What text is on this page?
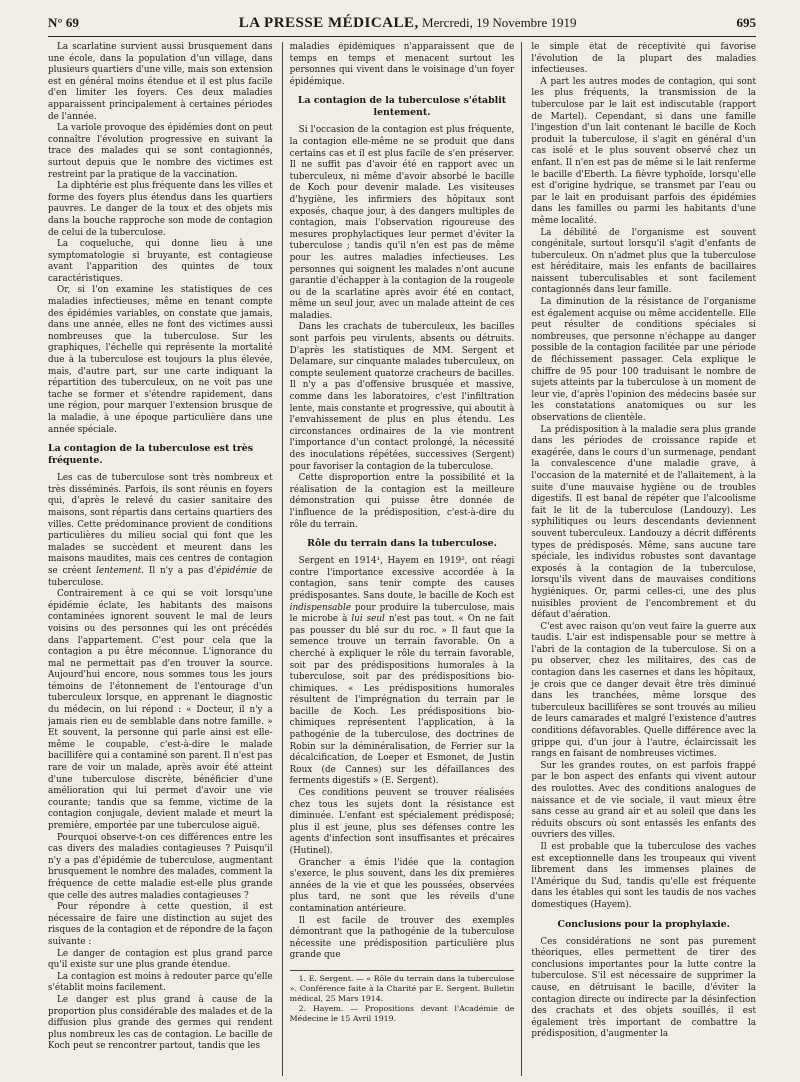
N° 69	LA PRESSE MÉDICALE, Mercredi, 19 Novembre 1919	695

La scarlatine survient aussi brusquement dans une école, dans la population d'un village, dans plusieurs quartiers d'une ville, mais son extension est en général moins étendue et il est plus facile d'en limiter les foyers. Ces deux maladies apparaissent principalement à certaines périodes de l'année.

La variole provoque des épidémies dont on peut connaître l'évolution progressive en suivant la trace des malades qui se sont contagionnés, surtout depuis que le nombre des victimes est restreint par la pratique de la vaccination.

La diphtérie est plus fréquente dans les villes et forme des foyers plus étendus dans les quartiers pauvres. Le danger de la toux et des objets mis dans la bouche rapproche son mode de contagion de celui de la tuberculose.

La coqueluche, qui donne lieu à une symptomatologie si bruyante, est contagieuse avant l'apparition des quintes de toux caractéristiques.

Or, si l'on examine les statistiques de ces maladies infectieuses, même en tenant compte des épidémies variables, on constate que jamais, dans une année, elles ne font des victimes aussi nombreuses que la tuberculose. Sur les graphiques, l'échelle qui représente la mortalité due à la tuberculose est toujours la plus élevée, mais, d'autre part, sur une carte indiquant la répartition des tuberculeux, on ne voit pas une tache se former et s'étendre rapidement, dans une région, pour marquer l'extension brusque de la maladie, à une époque particulière dans une année spéciale.

La contagion de la tuberculose est très fréquente.

Les cas de tuberculose sont très nombreux et très disséminés. Parfois, ils sont réunis en foyers qui, d'après le relevé du casier sanitaire des maisons, sont répartis dans certains quartiers des villes. Cette prédominance provient de conditions particulières du milieu social qui font que les malades se succèdent et meurent dans les maisons maudites, mais ces centres de contagion se créent lentement. Il n'y a pas d'épidémie de tuberculose.

Contrairement à ce qui se voit lorsqu'une épidémie éclate, les habitants des maisons contaminées ignorent souvent le mal de leurs voisins ou des personnes qui les ont précédés dans l'appartement. C'est pour cela que la contagion a pu être méconnue. L'ignorance du mal ne permettait pas d'en trouver la source. Aujourd'hui encore, nous sommes tous les jours témoins de l'étonnement de l'entourage d'un tuberculeux lorsque, en apprenant le diagnostic du médecin, on lui répond : « Docteur, il n'y a jamais rien eu de semblable dans notre famille. » Et souvent, la personne qui parle ainsi est elle-même le coupable, c'est-à-dire le malade bacillifère qui a contaminé son parent. Il n'est pas rare de voir un malade, après avoir été atteint d'une tuberculose discrète, bénéficier d'une amélioration qui lui permet d'avoir une vie courante; tandis que sa femme, victime de la contagion conjugale, devient malade et meurt la première, emportée par une tuberculose aiguë.

Pourquoi observe-t-on ces différences entre les cas divers des maladies contagieuses ? Puisqu'il n'y a pas d'épidémie de tuberculose, augmentant brusquement le nombre des malades, comment la fréquence de cette maladie est-elle plus grande que celle des autres maladies contagieuses ?

Pour répondre à cette question, il est nécessaire de faire une distinction au sujet des risques de la contagion et de répondre de la façon suivante :

Le danger de contagion est plus grand parce qu'il existe sur une plus grande étendue.

La contagion est moins à redouter parce qu'elle s'établit moins facilement.

Le danger est plus grand à cause de la proportion plus considérable des malades et de la diffusion plus grande des germes qui rendent plus nombreux les cas de contagion. Le bacille de Koch peut se rencontrer partout, tandis que les

maladies épidémiques n'apparaissent que de temps en temps et menacent surtout les personnes qui vivent dans le voisinage d'un foyer épidémique.

La contagion de la tuberculose s'établit lentement.

Si l'occasion de la contagion est plus fréquente, la contagion elle-même ne se produit que dans certains cas et il est plus facile de s'en préserver. Il ne suffit pas d'avoir été en rapport avec un tuberculeux, ni même d'avoir absorbé le bacille de Koch pour devenir malade. Les visiteuses d'hygiène, les infirmiers des hôpitaux sont exposés, chaque jour, à des dangers multiples de contagion, mais l'observation rigoureuse des mesures prophylactiques leur permet d'éviter la tuberculose ; tandis qu'il n'en est pas de même pour les autres maladies infectieuses. Les personnes qui soignent les malades n'ont aucune garantie d'échapper à la contagion de la rougeole ou de la scarlatine après avoir été en contact, même un seul jour, avec un malade atteint de ces maladies.

Dans les crachats de tuberculeux, les bacilles sont parfois peu virulents, absents ou détruits. D'après les statistiques de MM. Sergent et Delamare, sur cinquante malades tuberculeux, on compte seulement quatorze cracheurs de bacilles. Il n'y a pas d'offensive brusquée et massive, comme dans les laboratoires, c'est l'infiltration lente, mais constante et progressive, qui aboutit à l'envahissement de plus en plus étendu. Les circonstances ordinaires de la vie montrent l'importance d'un contact prolongé, la nécessité des inoculations répétées, successives (Sergent) pour favoriser la contagion de la tuberculose.

Cette disproportion entre la possibilité et la réalisation de la contagion est la meilleure démonstration qui puisse être donnée de l'influence de la prédisposition, c'est-à-dire du rôle du terrain.

Rôle du terrain dans la tuberculose.

Sergent en 1914¹, Hayem en 1919², ont réagi contre l'importance excessive accordée à la contagion, sans tenir compte des causes prédisposantes. Sans doute, le bacille de Koch est indispensable pour produire la tuberculose, mais le microbe à lui seul n'est pas tout. « On ne fait pas pousser du blé sur du roc. » Il faut que la semence trouve un terrain favorable. On a cherché à expliquer le rôle du terrain favorable, soit par des prédispositions humorales à la tuberculose, soit par des prédispositions bio-chimiques. « Les prédispositions humorales résultent de l'imprégnation du terrain par le bacille de Koch. Les prédispositions bio-chimiques représentent l'application, à la pathogénie de la tuberculose, des doctrines de Robin sur la déminéralisation, de Ferrier sur la décalcification, de Loeper et Esmonet, de Justin Roux (de Cannes) sur les défaillances des ferments digestifs » (E. Sergent).

Ces conditions peuvent se trouver réalisées chez tous les sujets dont la résistance est diminuée. L'enfant est spécialement prédisposé; plus il est jeune, plus ses défenses contre les agents d'infection sont insuffisantes et précaires (Hutinel).

Grancher a émis l'idée que la contagion s'exerce, le plus souvent, dans les dix premières années de la vie et que les poussées, observées plus tard, ne sont que les réveils d'une contamination antérieure.

Il est facile de trouver des exemples démontrant que la pathogénie de la tuberculose nécessite une prédisposition particulière plus grande que

1. E. Sergent. — « Rôle du terrain dans la tuberculose ». Conférence faite à la Charité par E. Sergent. Bulletin médical, 25 Mars 1914.

2. Hayem. — Propositions devant l'Académie de Médecine le 15 Avril 1919.

le simple état de réceptivité qui favorise l'évolution de la plupart des maladies infectieuses.

A part les autres modes de contagion, qui sont les plus fréquents, la transmission de la tuberculose par le lait est indiscutable (rapport de Martel). Cependant, si dans une famille l'ingestion d'un lait contenant le bacille de Koch produit la tuberculose, il s'agit en général d'un cas isolé et le plus souvent observé chez un enfant. Il n'en est pas de même si le lait renferme le bacille d'Eberth. La fièvre typhoïde, lorsqu'elle est d'origine hydrique, se transmet par l'eau ou par le lait en produisant parfois des épidémies dans les familles ou parmi les habitants d'une même localité.

La débilité de l'organisme est souvent congénitale, surtout lorsqu'il s'agit d'enfants de tuberculeux. On n'admet plus que la tuberculose est héréditaire, mais les enfants de bacillaires naissent tuberculisables et sont facilement contagionnés dans leur famille.

La diminution de la résistance de l'organisme est également acquise ou même accidentelle. Elle peut résulter de conditions spéciales si nombreuses, que personne n'échappe au danger possible de la contagion facilitée par une période de fléchissement passager. Cela explique le chiffre de 95 pour 100 traduisant le nombre de sujets atteints par la tuberculose à un moment de leur vie, d'après l'opinion des médecins basée sur les constatations anatomiques ou sur les observations de clientèle.

La prédisposition à la maladie sera plus grande dans les périodes de croissance rapide et exagérée, dans le cours d'un surmenage, pendant la convalescence d'une maladie grave, à l'occasion de la maternité et de l'allaitement, à la suite d'une mauvaise hygiène ou de troubles digestifs. Il est banal de répéter que l'alcoolisme fait le lit de la tuberculose (Landouzy). Les syphilitiques ou leurs descendants deviennent souvent tuberculeux. Landouzy a décrit différents types de prédisposés. Même, sans aucune tare spéciale, les individus robustes sont davantage exposés à la contagion de la tuberculose, lorsqu'ils vivent dans de mauvaises conditions hygiéniques. Or, parmi celles-ci, une des plus nuisibles provient de l'encombrement et du défaut d'aération.

C'est avec raison qu'on veut faire la guerre aux taudis. L'air est indispensable pour se mettre à l'abri de la contagion de la tuberculose. Si on a pu observer, chez les militaires, des cas de contagion dans les casernes et dans les hôpitaux, je crois que ce danger devait être très diminué dans les tranchées, même lorsque des tuberculeux bacillifères se sont trouvés au milieu de leurs camarades et malgré l'existence d'autres conditions défavorables. Quelle différence avec la grippe qui, d'un jour à l'autre, éclaircissait les rangs en faisant de nombreuses victimes.

Sur les grandes routes, on est parfois frappé par le bon aspect des enfants qui vivent autour des roulottes. Avec des conditions analogues de naissance et de vie sociale, il vaut mieux être sans cesse au grand air et au soleil que dans les réduits obscurs où sont entassés les enfants des ouvriers des villes.

Il est probable que la tuberculose des vaches est exceptionnelle dans les troupeaux qui vivent librement dans les immenses plaines de l'Amérique du Sud, tandis qu'elle est fréquente dans les étables qui sont les taudis de nos vaches domestiques (Hayem).

Conclusions pour la prophylaxie.

Ces considérations ne sont pas purement théoriques, elles permettent de tirer des conclusions importantes pour la lutte contre la tuberculose. S'il est nécessaire de supprimer la cause, en détruisant le bacille, d'éviter la contagion directe ou indirecte par la désinfection des crachats et des objets souillés, il est également très important de combattre la prédisposition, d'augmenter la
